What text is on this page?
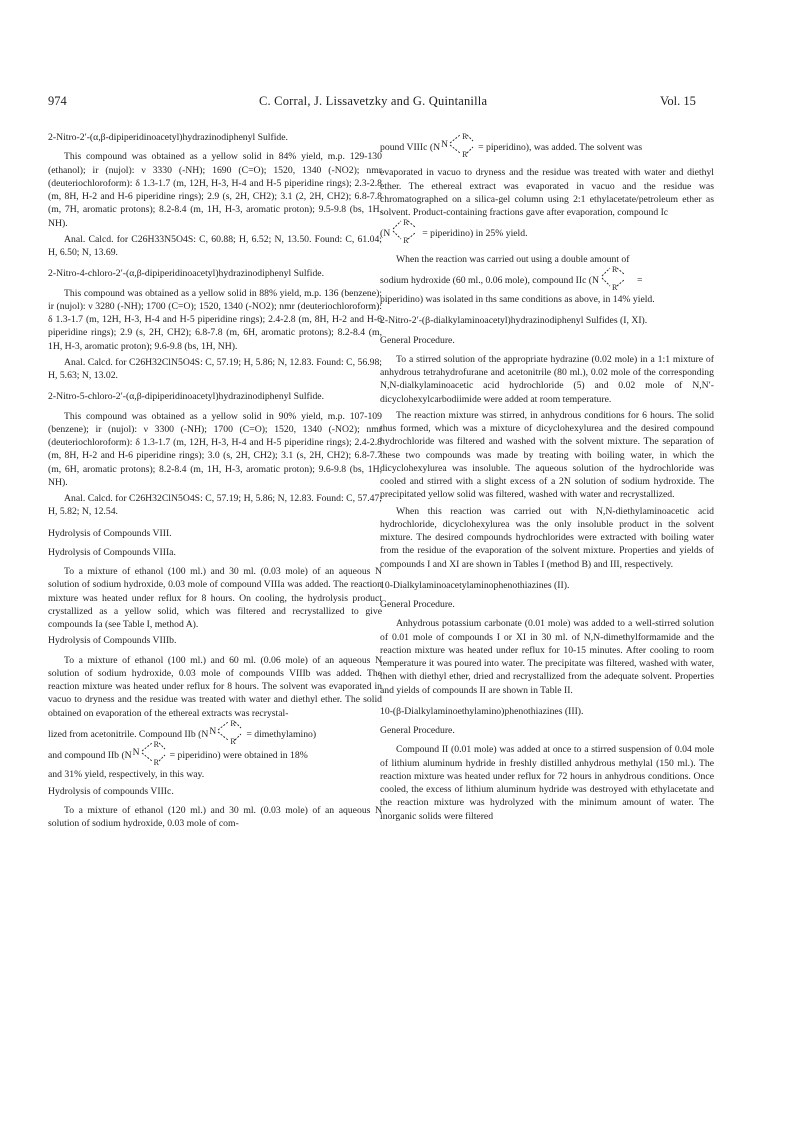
974	C. Corral, J. Lissavetzky and G. Quintanilla	Vol. 15

2-Nitro-2′-(α,β-dipiperidinoacetyl)hydrazinodiphenyl Sulfide.

This compound was obtained as a yellow solid in 84% yield, m.p. 129-130 (ethanol); ir (nujol): ν 3330 (-NH); 1690 (C=O); 1520, 1340 (-NO2); nmr (deuteriochloroform): δ 1.3-1.7 (m, 12H, H-3, H-4 and H-5 piperidine rings); 2.3-2.8 (m, 8H, H-2 and H-6 piperidine rings); 2.9 (s, 2H, CH2); 3.1 (2, 2H, CH2); 6.8-7.8 (m, 7H, aromatic protons); 8.2-8.4 (m, 1H, H-3, aromatic proton); 9.5-9.8 (bs, 1H, NH).

Anal. Calcd. for C26H33N5O4S: C, 60.88; H, 6.52; N, 13.50. Found: C, 61.04; H, 6.50; N, 13.69.

2-Nitro-4-chloro-2′-(α,β-dipiperidinoacetyl)hydrazinodiphenyl Sulfide.

This compound was obtained as a yellow solid in 88% yield, m.p. 136 (benzene); ir (nujol): ν 3280 (-NH); 1700 (C=O); 1520, 1340 (-NO2); nmr (deuteriochloroform): δ 1.3-1.7 (m, 12H, H-3, H-4 and H-5 piperidine rings); 2.4-2.8 (m, 8H, H-2 and H-6 piperidine rings); 2.9 (s, 2H, CH2); 6.8-7.8 (m, 6H, aromatic protons); 8.2-8.4 (m, 1H, H-3, aromatic proton); 9.6-9.8 (bs, 1H, NH).

Anal. Calcd. for C26H32ClN5O4S: C, 57.19; H, 5.86; N, 12.83. Found: C, 56.98; H, 5.63; N, 13.02.

2-Nitro-5-chloro-2′-(α,β-dipiperidinoacetyl)hydrazinodiphenyl Sulfide.

This compound was obtained as a yellow solid in 90% yield, m.p. 107-109 (benzene); ir (nujol): ν 3300 (-NH); 1700 (C=O); 1520, 1340 (-NO2); nmr (deuteriochloroform): δ 1.3-1.7 (m, 12H, H-3, H-4 and H-5 piperidine rings); 2.4-2.8 (m, 8H, H-2 and H-6 piperidine rings); 3.0 (s, 2H, CH2); 3.1 (s, 2H, CH2); 6.8-7.7 (m, 6H, aromatic protons); 8.2-8.4 (m, 1H, H-3, aromatic proton); 9.6-9.8 (bs, 1H, NH).

Anal. Calcd. for C26H32ClN5O4S: C, 57.19; H, 5.86; N, 12.83. Found: C, 57.47; H, 5.82; N, 12.54.

Hydrolysis of Compounds VIII.

Hydrolysis of Compounds VIIIa.

To a mixture of ethanol (100 ml.) and 30 ml. (0.03 mole) of an aqueous N solution of sodium hydroxide, 0.03 mole of compound VIIIa was added. The reaction mixture was heated under reflux for 8 hours. On cooling, the hydrolysis product crystallized as a yellow solid, which was filtered and recrystallized to give compounds Ia (see Table I, method A).

Hydrolysis of Compounds VIIIb.

To a mixture of ethanol (100 ml.) and 60 ml. (0.06 mole) of an aqueous N solution of sodium hydroxide, 0.03 mole of compounds VIIIb was added. The reaction mixture was heated under reflux for 8 hours. The solvent was evaporated in vacuo to dryness and the residue was treated with water and diethyl ether. The solid obtained on evaporation of the ethereal extracts was recrystal-

lized from acetonitrile. Compound IIb (N N
R
R
= dimethylamino)

and compound IIb (N N
R
R
= piperidino) were obtained in 18%

and 31% yield, respectively, in this way.

Hydrolysis of compounds VIIIc.

To a mixture of ethanol (120 ml.) and 30 ml. (0.03 mole) of an aqueous N solution of sodium hydroxide, 0.03 mole of com-

pound VIIIc (N N
R
R
= piperidino), was added. The solvent was

evaporated in vacuo to dryness and the residue was treated with water and diethyl ether. The ethereal extract was evaporated in vacuo and the residue was chromatographed on a silica-gel column using 2:1 ethylacetate/petroleum ether as solvent. Product-containing fractions gave after evaporation, compound Ic

(N
R
R
= piperidino) in 25% yield.

When the reaction was carried out using a double amount of

sodium hydroxide (60 ml., 0.06 mole), compound IIc (N
R
R
=

piperidino) was isolated in ths same conditions as above, in 14% yield.

2-Nitro-2′-(β-dialkylaminoacetyl)hydrazinodiphenyl Sulfides (I, XI).

General Procedure.

To a stirred solution of the appropriate hydrazine (0.02 mole) in a 1:1 mixture of anhydrous tetrahydrofurane and acetonitrile (80 ml.), 0.02 mole of the corresponding N,N-dialkylaminoacetic acid hydrochloride (5) and 0.02 mole of N,N′-dicyclohexylcarbodiimide were added at room temperature.

The reaction mixture was stirred, in anhydrous conditions for 6 hours. The solid thus formed, which was a mixture of dicyclohexylurea and the desired compound hydrochloride was filtered and washed with the solvent mixture. The separation of these two compounds was made by treating with boiling water, in which the dicyclohexylurea was insoluble. The aqueous solution of the hydrochloride was cooled and stirred with a slight excess of a 2N solution of sodium hydroxide. The precipitated yellow solid was filtered, washed with water and recrystallized.

When this reaction was carried out with N,N-diethylaminoacetic acid hydrochloride, dicyclohexylurea was the only insoluble product in the solvent mixture. The desired compounds hydrochlorides were extracted with boiling water from the residue of the evaporation of the solvent mixture. Properties and yields of compounds I and XI are shown in Tables I (method B) and III, respectively.

10-Dialkylaminoacetylaminophenothiazines (II).

General Procedure.

Anhydrous potassium carbonate (0.01 mole) was added to a well-stirred solution of 0.01 mole of compounds I or XI in 30 ml. of N,N-dimethylformamide and the reaction mixture was heated under reflux for 10-15 minutes. After cooling to room temperature it was poured into water. The precipitate was filtered, washed with water, then with diethyl ether, dried and recrystallized from the adequate solvent. Properties and yields of compounds II are shown in Table II.

10-(β-Dialkylaminoethylamino)phenothiazines (III).

General Procedure.

Compound II (0.01 mole) was added at once to a stirred suspension of 0.04 mole of lithium aluminum hydride in freshly distilled anhydrous methylal (150 ml.). The reaction mixture was heated under reflux for 72 hours in anhydrous conditions. Once cooled, the excess of lithium aluminum hydride was destroyed with ethylacetate and the reaction mixture was hydrolyzed with the minimum amount of water. The inorganic solids were filtered
